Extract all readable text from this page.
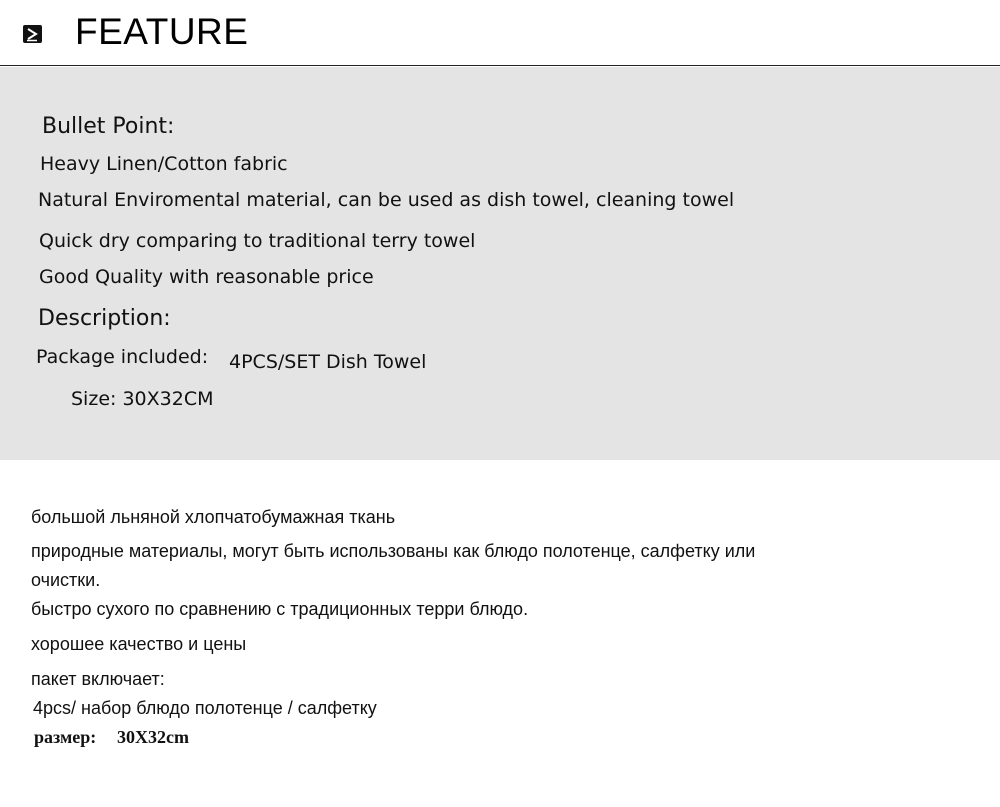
FEATURE
Bullet Point:
Heavy Linen/Cotton fabric
Natural Enviromental material, can be used as dish towel, cleaning towel
Quick dry comparing to traditional terry towel
Good Quality with reasonable price
Description:
Package included: 4PCS/SET Dish Towel
Size: 30X32CM
большой льняной хлопчатобумажная ткань
природные материалы, могут быть использованы как блюдо полотенце, салфетку или
очистки.
быстро сухого по сравнению с традиционных терри блюдо.
хорошее качество и цены
пакет включает:
4pcs/ набор блюдо полотенце / салфетку
размер: 30X32cm
